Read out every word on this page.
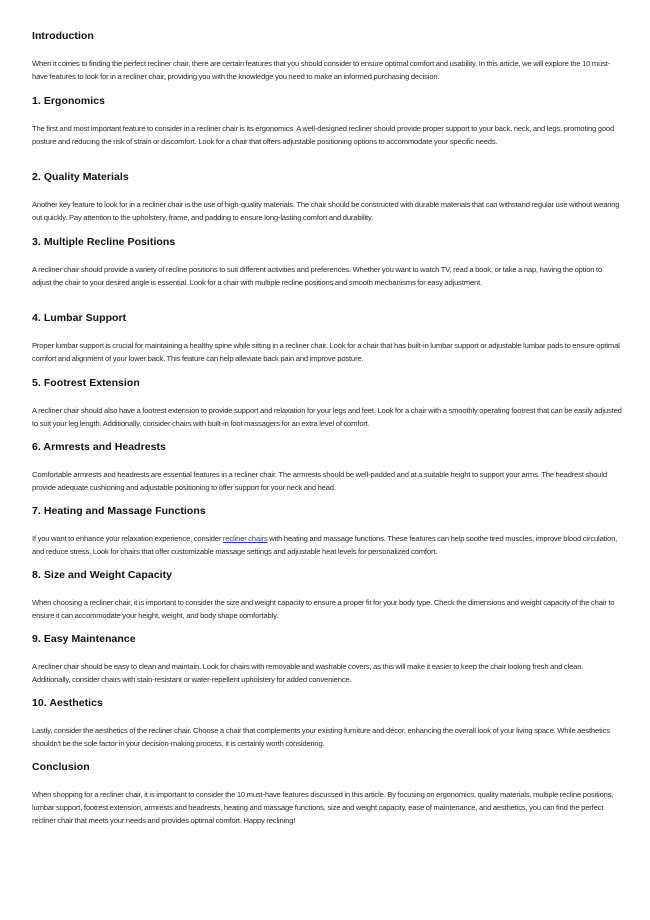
Introduction

When it comes to finding the perfect recliner chair, there are certain features that you should consider to ensure optimal comfort and usability. In this article, we will explore the 10 must-have features to look for in a recliner chair, providing you with the knowledge you need to make an informed purchasing decision.

1. Ergonomics

The first and most important feature to consider in a recliner chair is its ergonomics. A well-designed recliner should provide proper support to your back, neck, and legs, promoting good posture and reducing the risk of strain or discomfort. Look for a chair that offers adjustable positioning options to accommodate your specific needs.

2. Quality Materials

Another key feature to look for in a recliner chair is the use of high-quality materials. The chair should be constructed with durable materials that can withstand regular use without wearing out quickly. Pay attention to the upholstery, frame, and padding to ensure long-lasting comfort and durability.

3. Multiple Recline Positions

A recliner chair should provide a variety of recline positions to suit different activities and preferences. Whether you want to watch TV, read a book, or take a nap, having the option to adjust the chair to your desired angle is essential. Look for a chair with multiple recline positions and smooth mechanisms for easy adjustment.

4. Lumbar Support

Proper lumbar support is crucial for maintaining a healthy spine while sitting in a recliner chair. Look for a chair that has built-in lumbar support or adjustable lumbar pads to ensure optimal comfort and alignment of your lower back. This feature can help alleviate back pain and improve posture.

5. Footrest Extension

A recliner chair should also have a footrest extension to provide support and relaxation for your legs and feet. Look for a chair with a smoothly operating footrest that can be easily adjusted to suit your leg length. Additionally, consider chairs with built-in foot massagers for an extra level of comfort.

6. Armrests and Headrests

Comfortable armrests and headrests are essential features in a recliner chair. The armrests should be well-padded and at a suitable height to support your arms. The headrest should provide adequate cushioning and adjustable positioning to offer support for your neck and head.

7. Heating and Massage Functions

If you want to enhance your relaxation experience, consider recliner chairs with heating and massage functions. These features can help soothe tired muscles, improve blood circulation, and reduce stress. Look for chairs that offer customizable massage settings and adjustable heat levels for personalized comfort.

8. Size and Weight Capacity

When choosing a recliner chair, it is important to consider the size and weight capacity to ensure a proper fit for your body type. Check the dimensions and weight capacity of the chair to ensure it can accommodate your height, weight, and body shape comfortably.

9. Easy Maintenance

A recliner chair should be easy to clean and maintain. Look for chairs with removable and washable covers, as this will make it easier to keep the chair looking fresh and clean. Additionally, consider chairs with stain-resistant or water-repellent upholstery for added convenience.

10. Aesthetics

Lastly, consider the aesthetics of the recliner chair. Choose a chair that complements your existing furniture and décor, enhancing the overall look of your living space. While aesthetics shouldn't be the sole factor in your decision-making process, it is certainly worth considering.

Conclusion

When shopping for a recliner chair, it is important to consider the 10 must-have features discussed in this article. By focusing on ergonomics, quality materials, multiple recline positions, lumbar support, footrest extension, armrests and headrests, heating and massage functions, size and weight capacity, ease of maintenance, and aesthetics, you can find the perfect recliner chair that meets your needs and provides optimal comfort. Happy reclining!
